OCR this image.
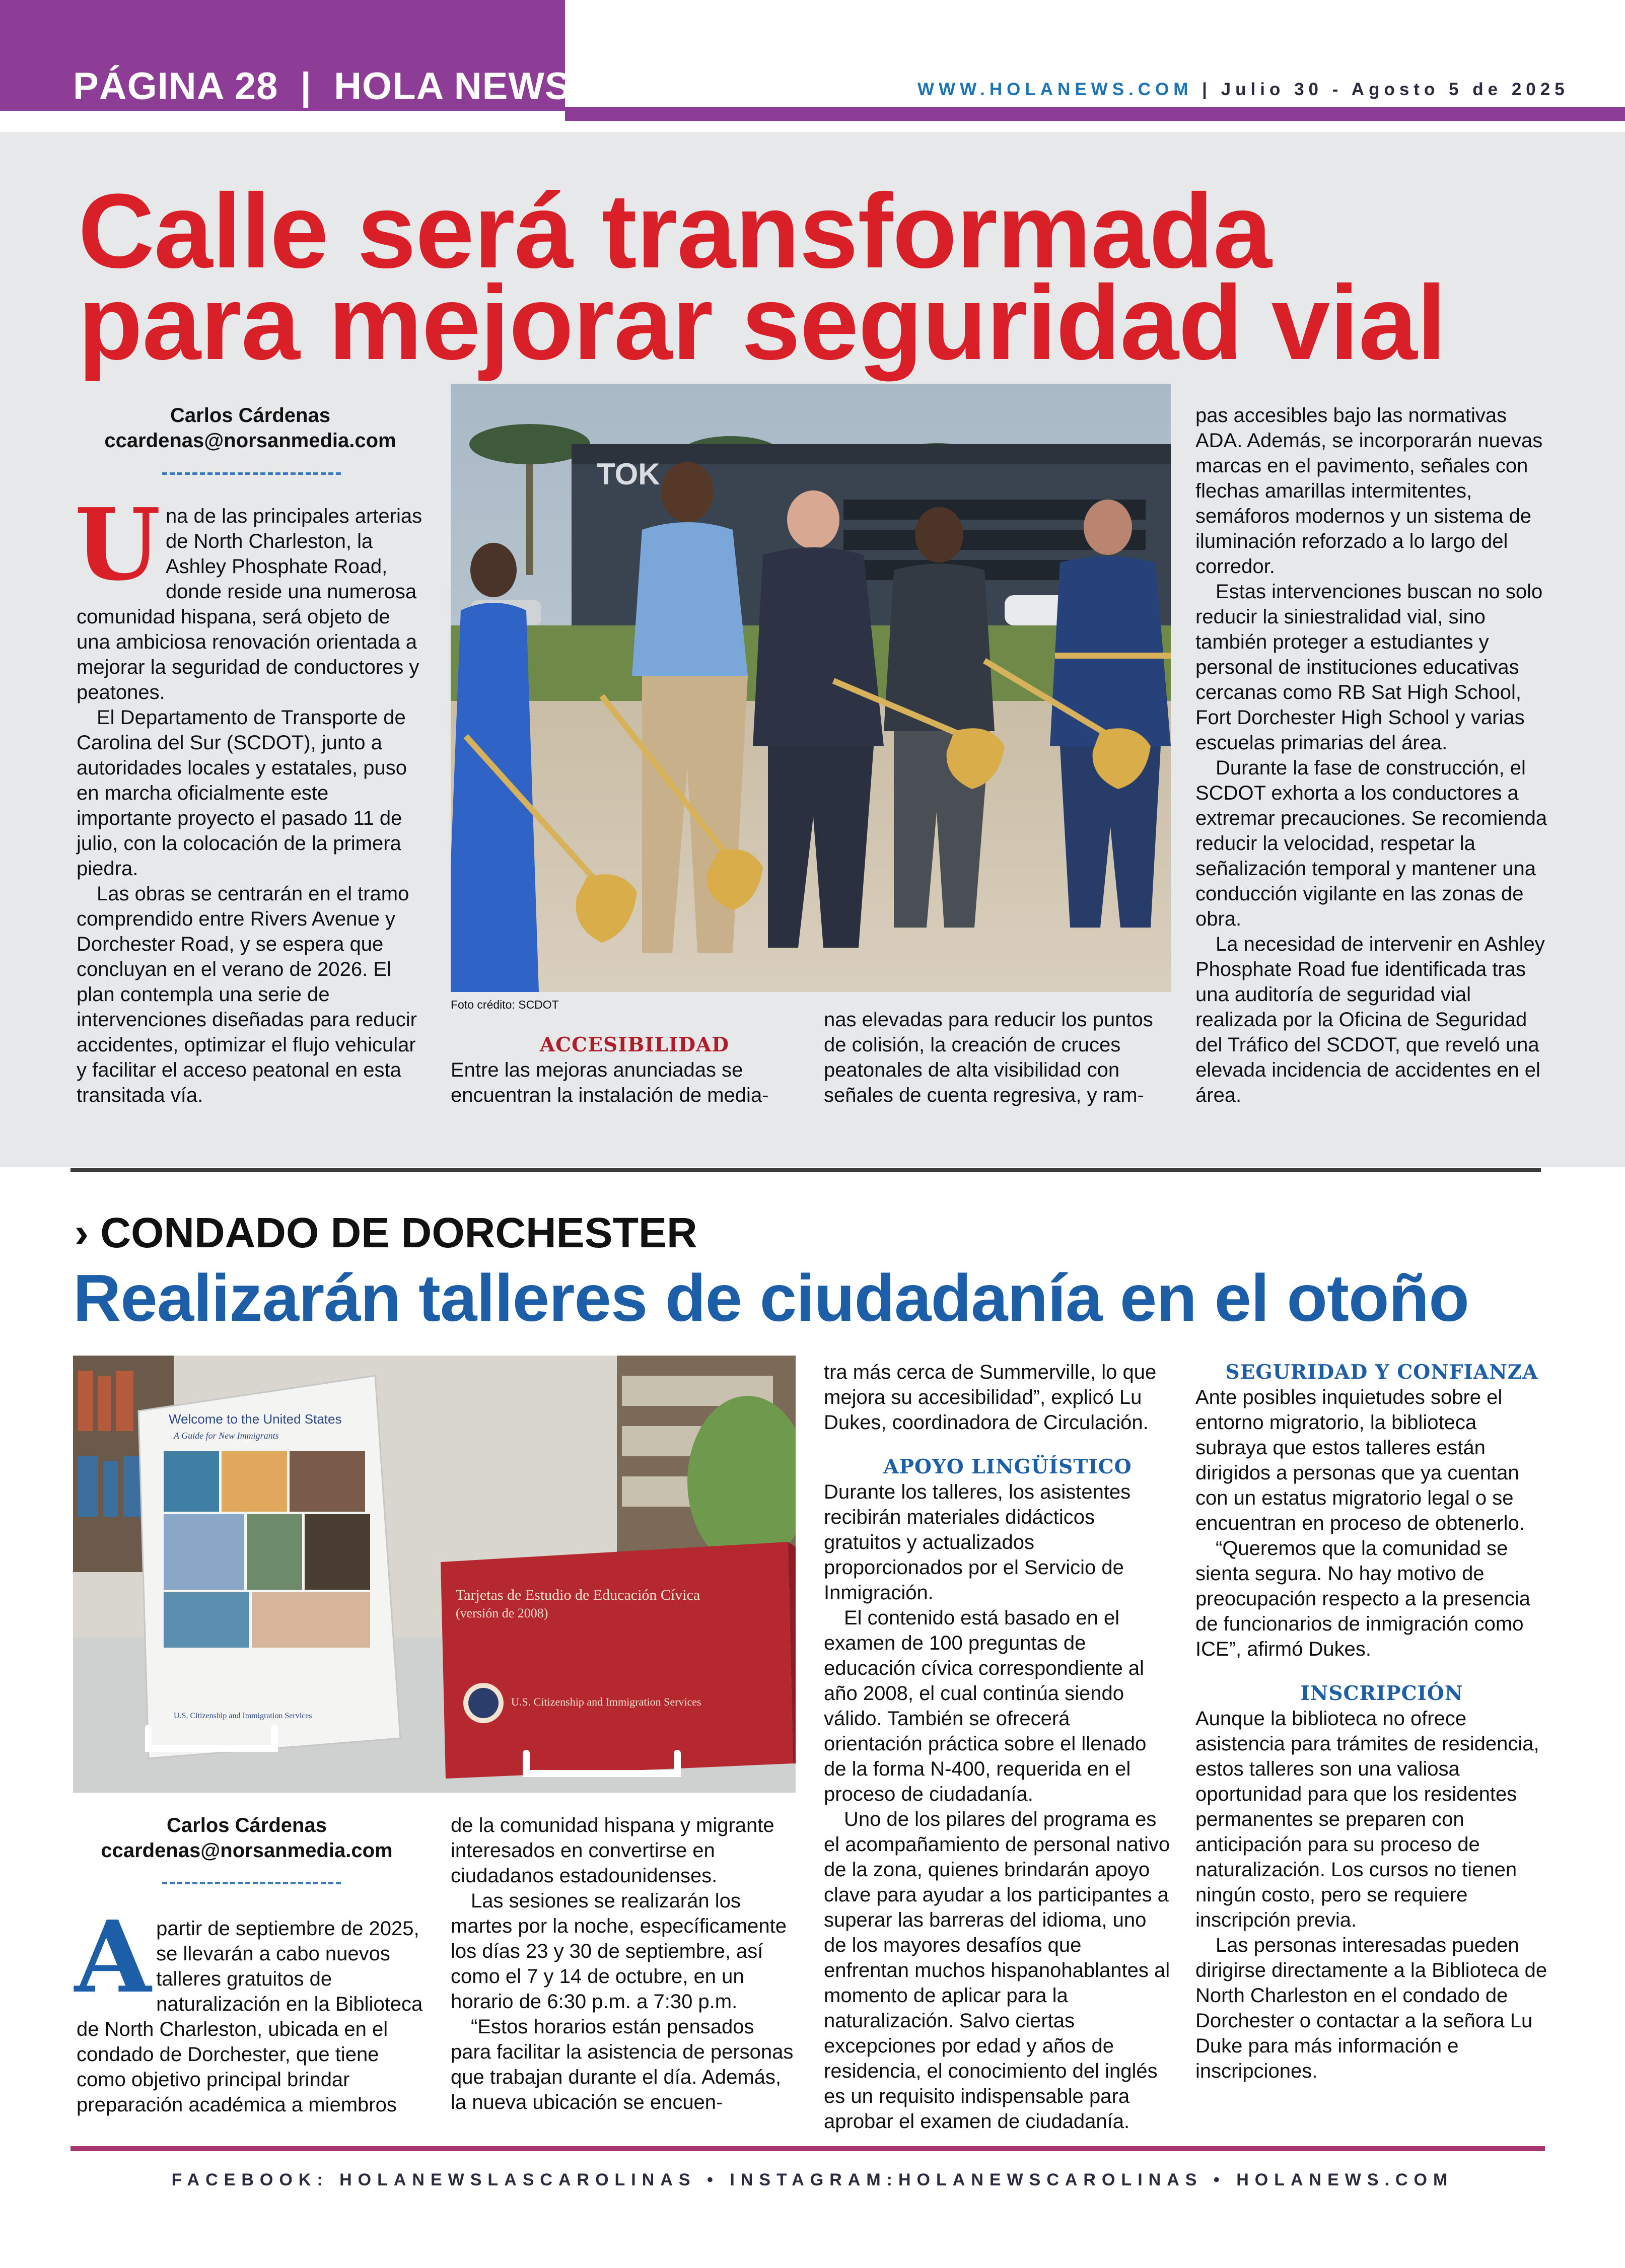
PÁGINA 28  |  HOLA NEWS	WWW.HOLANEWS.COM | Julio 30 - Agosto 5 de 2025
Calle será transformada
para mejorar seguridad vial
Carlos Cárdenas
ccardenas@norsanmedia.com

Una de las principales arterias de North Charleston, la Ashley Phosphate Road, donde reside una numerosa comunidad hispana, será objeto de una ambiciosa renovación orientada a mejorar la seguridad de conductores y peatones.

El Departamento de Transporte de Carolina del Sur (SCDOT), junto a autoridades locales y estatales, puso en marcha oficialmente este importante proyecto el pasado 11 de julio, con la colocación de la primera piedra.

Las obras se centrarán en el tramo comprendido entre Rivers Avenue y Dorchester Road, y se espera que concluyan en el verano de 2026. El plan contempla una serie de intervenciones diseñadas para reducir accidentes, optimizar el flujo vehicular y facilitar el acceso peatonal en esta transitada vía.

TOK
Foto crédito: SCDOT

ACCESIBILIDAD

Entre las mejoras anunciadas se encuentran la instalación de media-

nas elevadas para reducir los puntos de colisión, la creación de cruces peatonales de alta visibilidad con señales de cuenta regresiva, y ram-

pas accesibles bajo las normativas ADA. Además, se incorporarán nuevas marcas en el pavimento, señales con flechas amarillas intermitentes, semáforos modernos y un sistema de iluminación reforzado a lo largo del corredor.

Estas intervenciones buscan no solo reducir la siniestralidad vial, sino también proteger a estudiantes y personal de instituciones educativas cercanas como RB Sat High School, Fort Dorchester High School y varias escuelas primarias del área.

Durante la fase de construcción, el SCDOT exhorta a los conductores a extremar precauciones. Se recomienda reducir la velocidad, respetar la señalización temporal y mantener una conducción vigilante en las zonas de obra.

La necesidad de intervenir en Ashley Phosphate Road fue identificada tras una auditoría de seguridad vial realizada por la Oficina de Seguridad del Tráfico del SCDOT, que reveló una elevada incidencia de accidentes en el área.

› CONDADO DE DORCHESTER
Realizarán talleres de ciudadanía en el otoño
Welcome to the United States
A Guide for New Immigrants
U.S. Citizenship and Immigration Services
Tarjetas de Estudio de Educación Cívica
(versión de 2008)
U.S. Citizenship and Immigration Services
Carlos Cárdenas
ccardenas@norsanmedia.com

Apartir de septiembre de 2025, se llevarán a cabo nuevos talleres gratuitos de naturalización en la Biblioteca de North Charleston, ubicada en el condado de Dorchester, que tiene como objetivo principal brindar preparación académica a miembros

de la comunidad hispana y migrante interesados en convertirse en ciudadanos estadounidenses.

Las sesiones se realizarán los martes por la noche, específicamente los días 23 y 30 de septiembre, así como el 7 y 14 de octubre, en un horario de 6:30 p.m. a 7:30 p.m.

“Estos horarios están pensados para facilitar la asistencia de personas que trabajan durante el día. Además, la nueva ubicación se encuen-

tra más cerca de Summerville, lo que mejora su accesibilidad”, explicó Lu Dukes, coordinadora de Circulación.

APOYO LINGÜÍSTICO

Durante los talleres, los asistentes recibirán materiales didácticos gratuitos y actualizados proporcionados por el Servicio de Inmigración.

El contenido está basado en el examen de 100 preguntas de educación cívica correspondiente al año 2008, el cual continúa siendo válido. También se ofrecerá orientación práctica sobre el llenado de la forma N-400, requerida en el proceso de ciudadanía.

Uno de los pilares del programa es el acompañamiento de personal nativo de la zona, quienes brindarán apoyo clave para ayudar a los participantes a superar las barreras del idioma, uno de los mayores desafíos que enfrentan muchos hispanohablantes al momento de aplicar para la naturalización. Salvo ciertas excepciones por edad y años de residencia, el conocimiento del inglés es un requisito indispensable para aprobar el examen de ciudadanía.

SEGURIDAD Y CONFIANZA

Ante posibles inquietudes sobre el entorno migratorio, la biblioteca subraya que estos talleres están dirigidos a personas que ya cuentan con un estatus migratorio legal o se encuentran en proceso de obtenerlo.

“Queremos que la comunidad se sienta segura. No hay motivo de preocupación respecto a la presencia de funcionarios de inmigración como ICE”, afirmó Dukes.

INSCRIPCIÓN

Aunque la biblioteca no ofrece asistencia para trámites de residencia, estos talleres son una valiosa oportunidad para que los residentes permanentes se preparen con anticipación para su proceso de naturalización. Los cursos no tienen ningún costo, pero se requiere inscripción previa.

Las personas interesadas pueden dirigirse directamente a la Biblioteca de North Charleston en el condado de Dorchester o contactar a la señora Lu Duke para más información e inscripciones.

FACEBOOK: HOLANEWSLASCAROLINAS • INSTAGRAM:HOLANEWSCAROLINAS • HOLANEWS.COM
